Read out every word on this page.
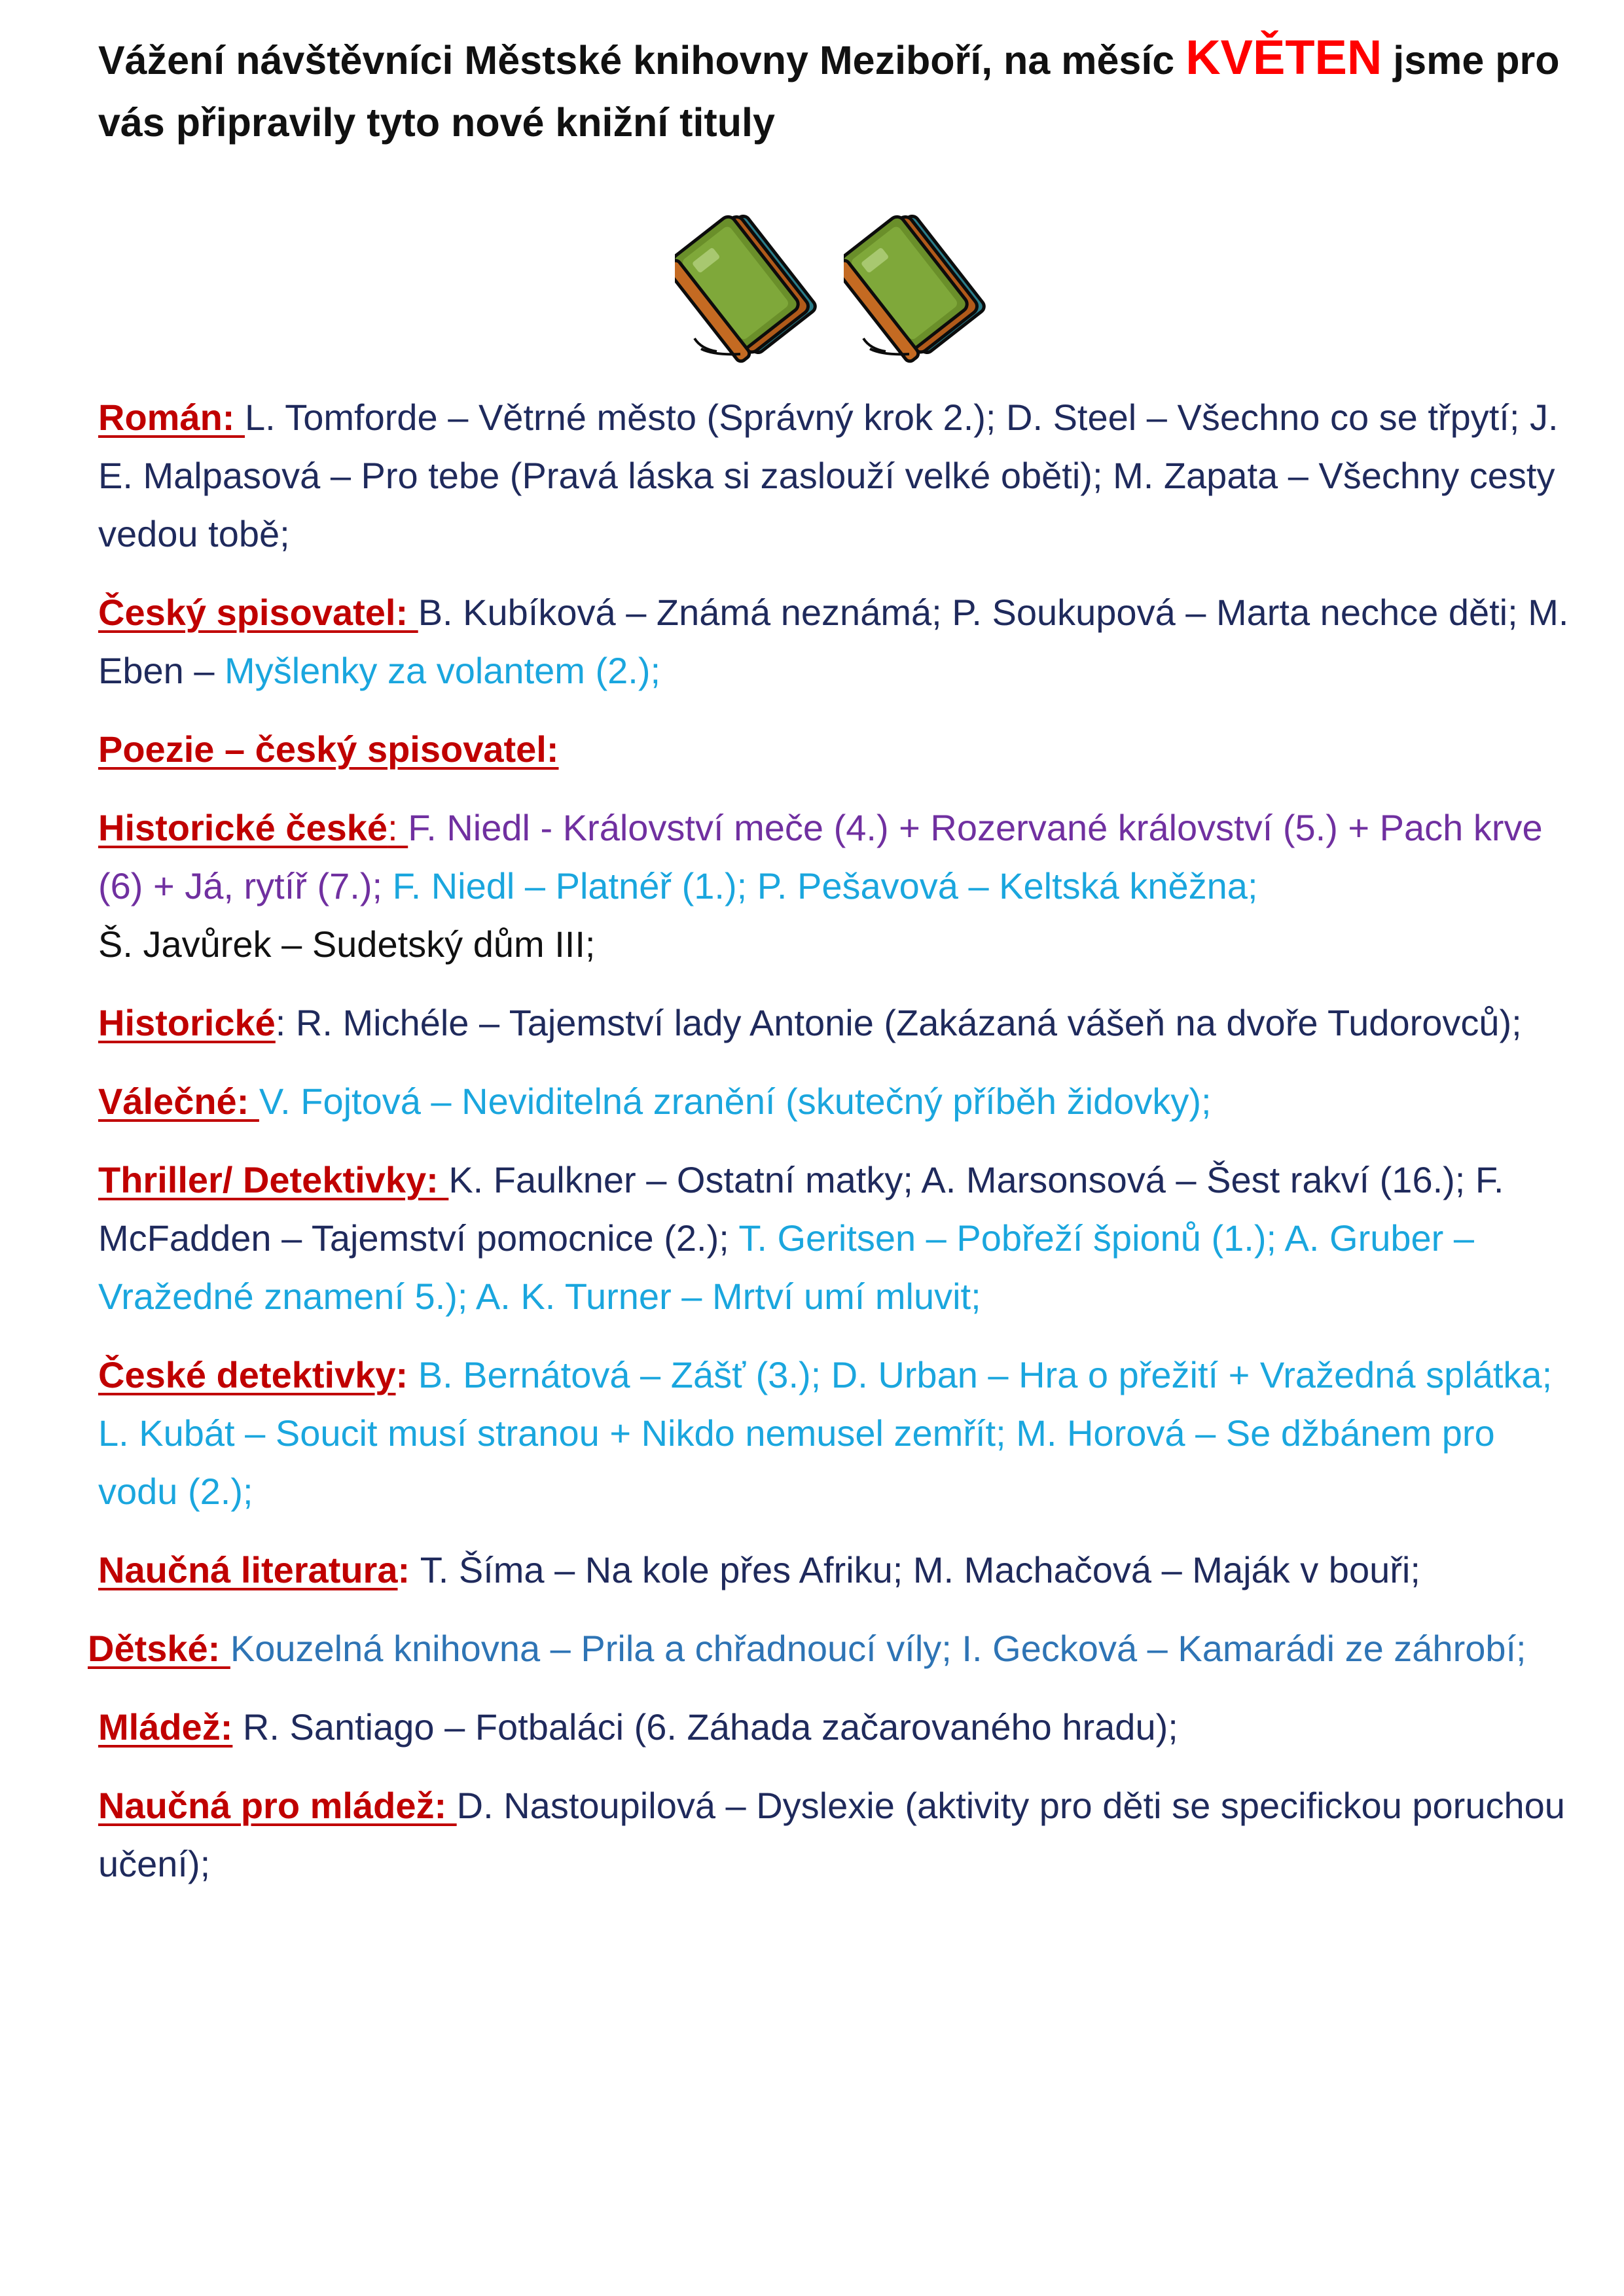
Vážení návštěvníci Městské knihovny Meziboří, na měsíc KVĚTEN jsme pro vás připravily tyto nové knižní tituly

Román: L. Tomforde – Větrné město (Správný krok 2.); D. Steel – Všechno co se třpytí; J. E. Malpasová – Pro tebe (Pravá láska si zaslouží velké oběti); M. Zapata – Všechny cesty vedou tobě;

Český spisovatel: B. Kubíková – Známá neznámá; P. Soukupová – Marta nechce děti; M. Eben – Myšlenky za volantem (2.);

Poezie – český spisovatel:

Historické české: F. Niedl - Království meče (4.) + Rozervané království (5.) + Pach krve (6) + Já, rytíř (7.); F. Niedl – Platnéř (1.); P. Pešavová – Keltská kněžna;
Š. Javůrek – Sudetský dům III;

Historické: R. Michéle – Tajemství lady Antonie (Zakázaná vášeň na dvoře Tudorovců);

Válečné: V. Fojtová – Neviditelná zranění (skutečný příběh židovky);

Thriller/ Detektivky: K. Faulkner – Ostatní matky; A. Marsonsová – Šest rakví (16.); F. McFadden – Tajemství pomocnice (2.); T. Geritsen – Pobřeží špionů (1.); A. Gruber – Vražedné znamení 5.); A. K. Turner – Mrtví umí mluvit;

České detektivky: B. Bernátová – Zášť (3.); D. Urban – Hra o přežití + Vražedná splátka; L. Kubát – Soucit musí stranou + Nikdo nemusel zemřít; M. Horová – Se džbánem pro vodu (2.);

Naučná literatura: T. Šíma – Na kole přes Afriku; M. Machačová – Maják v bouři;

Dětské: Kouzelná knihovna – Prila a chřadnoucí víly; I. Gecková – Kamarádi ze záhrobí;

Mládež: R. Santiago – Fotbaláci (6. Záhada začarovaného hradu);

Naučná pro mládež: D. Nastoupilová – Dyslexie (aktivity pro děti se specifickou poruchou učení);
